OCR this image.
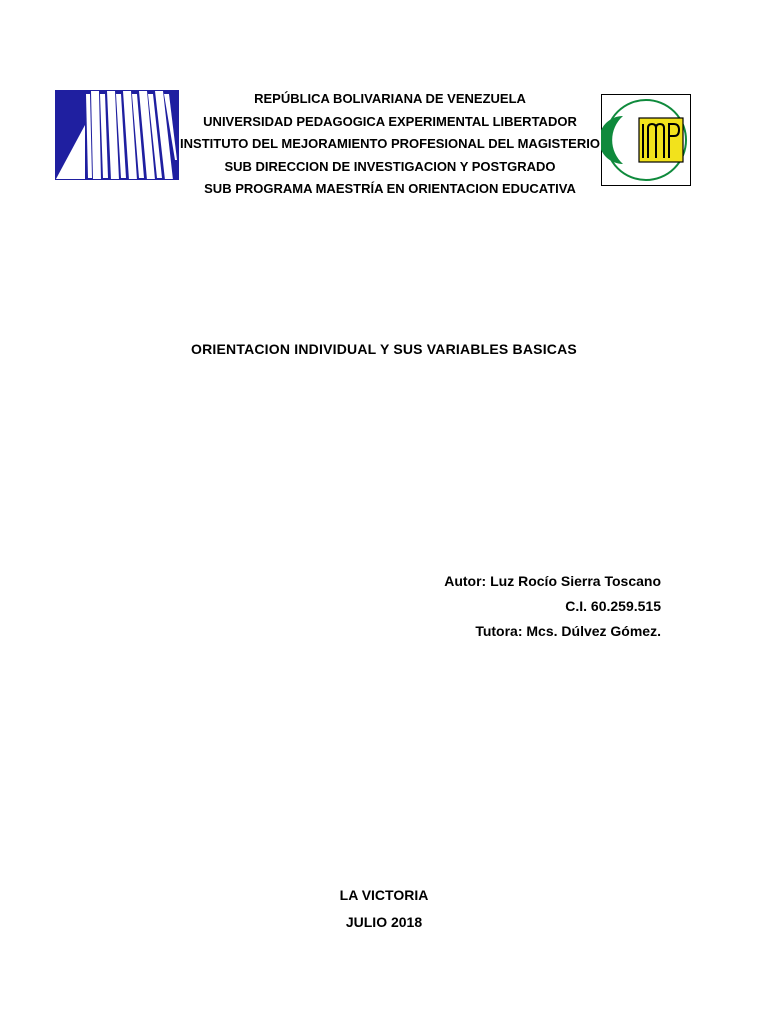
REPÚBLICA BOLIVARIANA DE VENEZUELA
UNIVERSIDAD PEDAGOGICA EXPERIMENTAL LIBERTADOR
INSTITUTO DEL MEJORAMIENTO PROFESIONAL DEL MAGISTERIO
SUB DIRECCION DE INVESTIGACION Y POSTGRADO
SUB PROGRAMA MAESTRÍA EN ORIENTACION EDUCATIVA
ORIENTACION INDIVIDUAL Y SUS VARIABLES BASICAS
Autor: Luz Rocío Sierra Toscano
C.I. 60.259.515
Tutora: Mcs. Dúlvez Gómez.
LA VICTORIA
JULIO 2018
